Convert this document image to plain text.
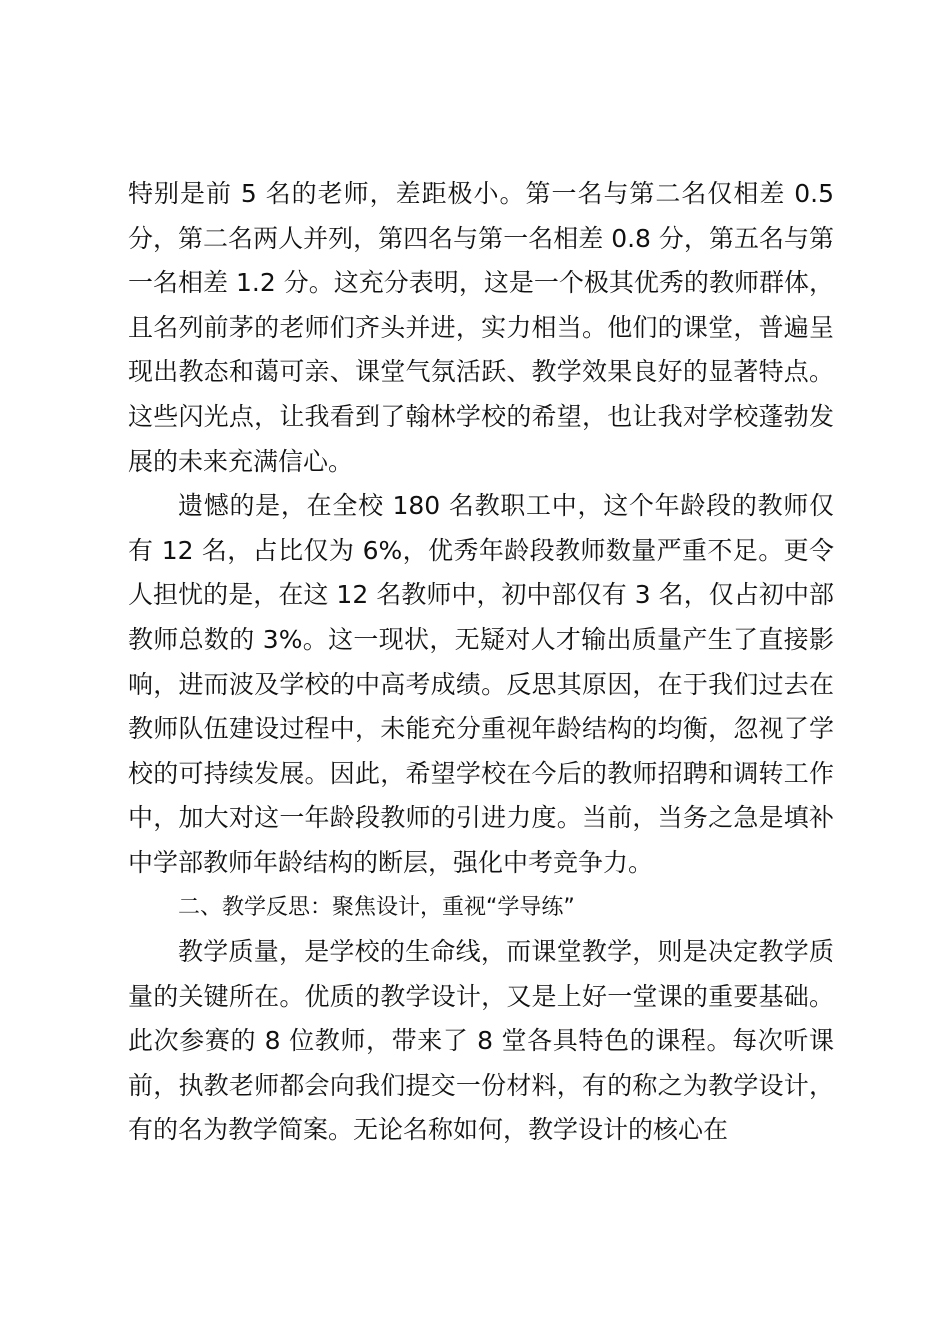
特别是前 5 名的老师，差距极小。第一名与第二名仅相差 0.5 分，第二名两人并列，第四名与第一名相差 0.8 分，第五名与第一名相差 1.2 分。这充分表明，这是一个极其优秀的教师群体，且名列前茅的老师们齐头并进，实力相当。他们的课堂，普遍呈现出教态和蔼可亲、课堂气氛活跃、教学效果良好的显著特点。这些闪光点，让我看到了翰林学校的希望，也让我对学校蓬勃发展的未来充满信心。

遗憾的是，在全校 180 名教职工中，这个年龄段的教师仅有 12 名，占比仅为 6%，优秀年龄段教师数量严重不足。更令人担忧的是，在这 12 名教师中，初中部仅有 3 名，仅占初中部教师总数的 3%。这一现状，无疑对人才输出质量产生了直接影响，进而波及学校的中高考成绩。反思其原因，在于我们过去在教师队伍建设过程中，未能充分重视年龄结构的均衡，忽视了学校的可持续发展。因此，希望学校在今后的教师招聘和调转工作中，加大对这一年龄段教师的引进力度。当前，当务之急是填补中学部教师年龄结构的断层，强化中考竞争力。

二、教学反思：聚焦设计，重视“学导练”

教学质量，是学校的生命线，而课堂教学，则是决定教学质量的关键所在。优质的教学设计，又是上好一堂课的重要基础。此次参赛的 8 位教师，带来了 8 堂各具特色的课程。每次听课前，执教老师都会向我们提交一份材料，有的称之为教学设计，有的名为教学简案。无论名称如何，教学设计的核心在
